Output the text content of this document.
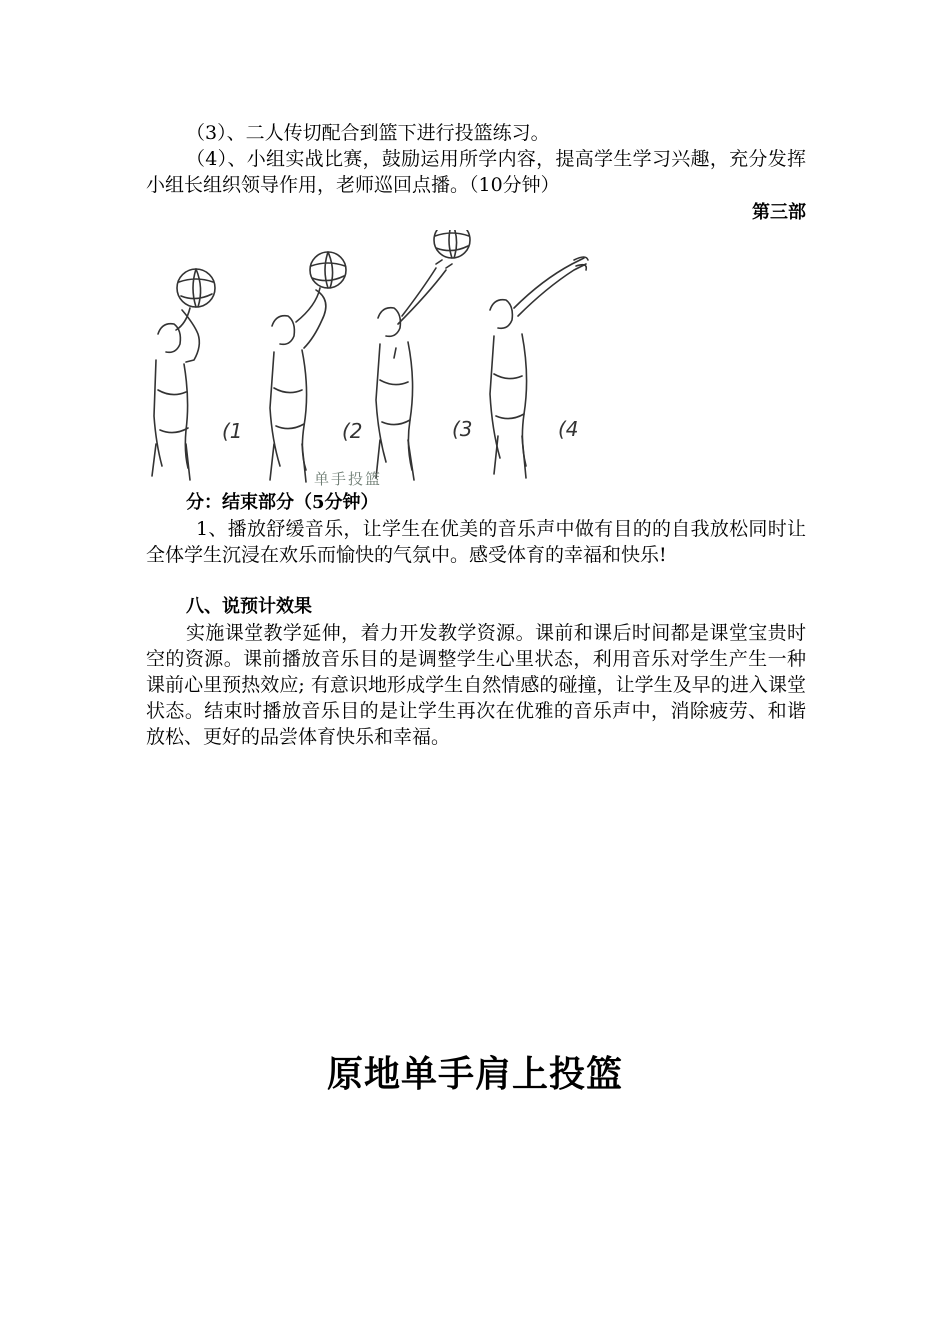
（3）、二人传切配合到篮下进行投篮练习。

（4）、小组实战比赛，鼓励运用所学内容，提高学生学习兴趣，充分发挥小组长组织领导作用，老师巡回点播。（10分钟）

第三部
(1	(2	(3	(4
单手投篮

分：结束部分（5分钟）

1、播放舒缓音乐，让学生在优美的音乐声中做有目的的自我放松同时让全体学生沉浸在欢乐而愉快的气氛中。感受体育的幸福和快乐!

八、说预计效果

实施课堂教学延伸，着力开发教学资源。课前和课后时间都是课堂宝贵时空的资源。课前播放音乐目的是调整学生心里状态，利用音乐对学生产生一种课前心里预热效应; 有意识地形成学生自然情感的碰撞，让学生及早的进入课堂状态。结束时播放音乐目的是让学生再次在优雅的音乐声中，消除疲劳、和谐放松、更好的品尝体育快乐和幸福。

原地单手肩上投篮
